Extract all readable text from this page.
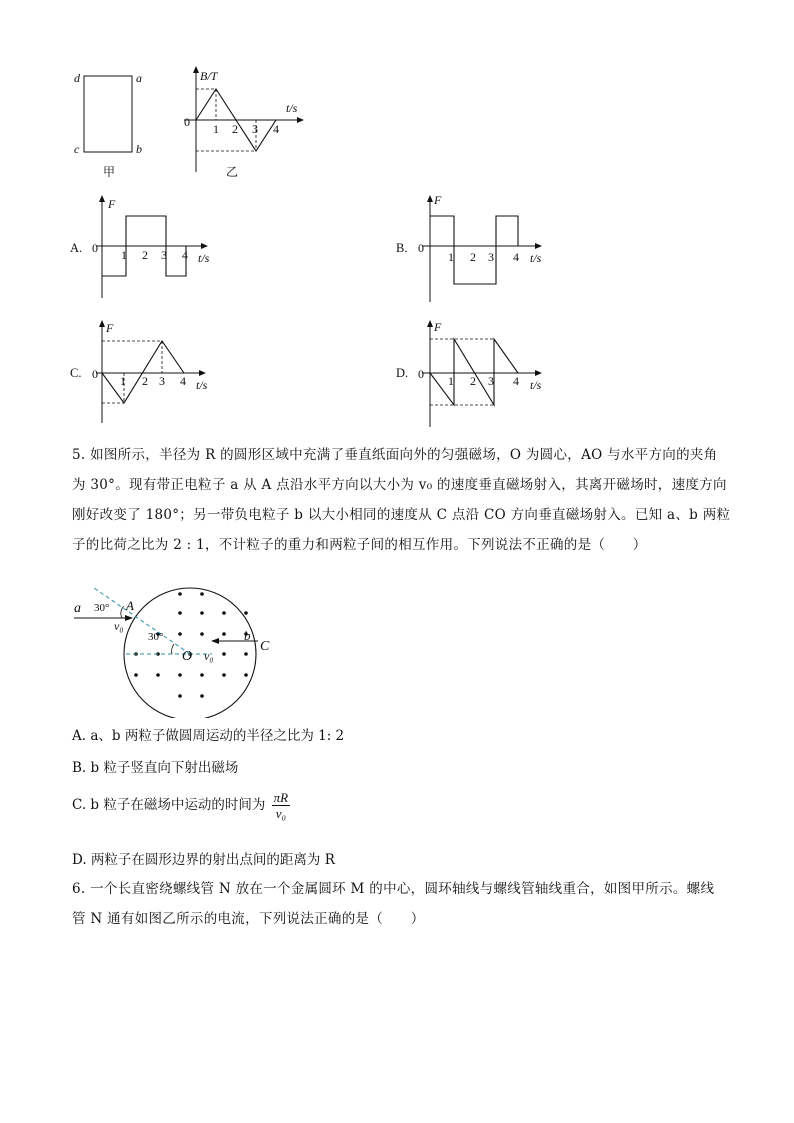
d	a
c	b
甲
B/T
t/s
0 1 2 3 4
乙
A.
F
0
t/s
1 2 3 4	B.
F
0
t/s
1 2 3 4
C.
F
0
t/s
1 2 3 4
D.
F
0
t/s
1 2 3 4
5. 如图所示，半径为 R 的圆形区域中充满了垂直纸面向外的匀强磁场，O 为圆心，AO 与水平方向的夹角
为 30°。现有带正电粒子 a 从 A 点沿水平方向以大小为 v₀ 的速度垂直磁场射入，其离开磁场时，速度方向
刚好改变了 180°；另一带负电粒子 b 以大小相同的速度从 C 点沿 CO 方向垂直磁场射入。已知 a、b 两粒
子的比荷之比为 2 : 1，不计粒子的重力和两粒子间的相互作用。下列说法不正确的是（　　）
a	A
30°
v₀
b
C
30°
O v₀
A. a、b 两粒子做圆周运动的半径之比为 1: 2
B. b 粒子竖直向下射出磁场
C. b 粒子在磁场中运动的时间为 $\frac{\pi R}{\text{v₀}}$
D. 两粒子在圆形边界的射出点间的距离为 R
6. 一个长直密绕螺线管 N 放在一个金属圆环 M 的中心，圆环轴线与螺线管轴线重合，如图甲所示。螺线
管 N 通有如图乙所示的电流，下列说法正确的是（　　）
